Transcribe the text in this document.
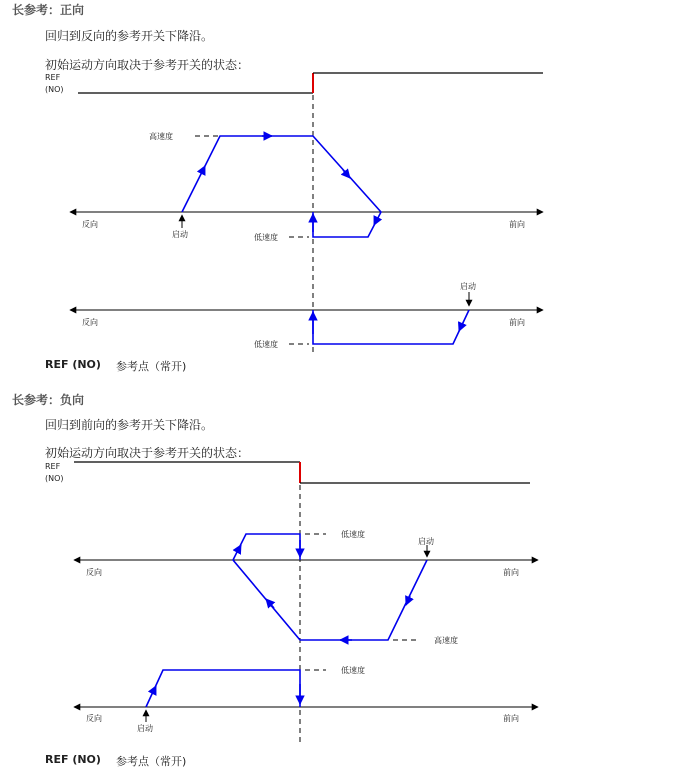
长参考：正向
回归到反向的参考开关下降沿。
初始运动方向取决于参考开关的状态：
REF (NO) 参考点（常开)
长参考：负向
回归到前向的参考开关下降沿。
初始运动方向取决于参考开关的状态：
REF (NO) 参考点（常开)
REF
(NO)
反向	前向
高速度
启动	低速度
反向	前向
启动
低速度
REF
(NO)
反向	前向
低速度
启动
高速度
反向	前向
低速度
启动
